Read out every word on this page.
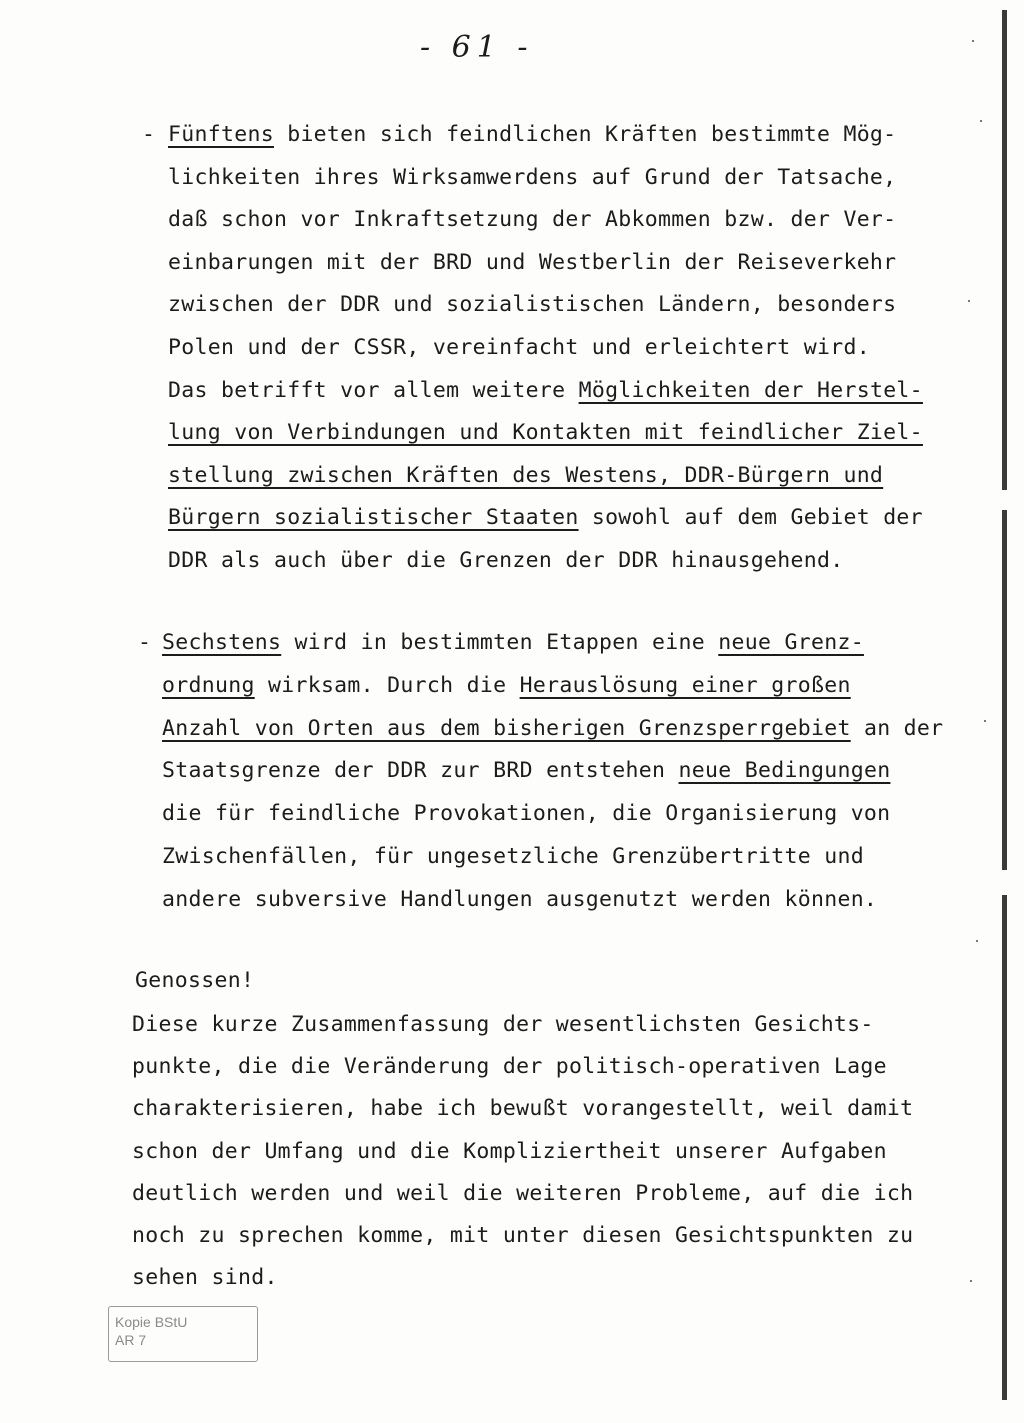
- 61 -
-
-
Fünftens bieten sich feindlichen Kräften bestimmte Mög-
lichkeiten ihres Wirksamwerdens auf Grund der Tatsache,
daß schon vor Inkraftsetzung der Abkommen bzw. der Ver-
einbarungen mit der BRD und Westberlin der Reiseverkehr
zwischen der DDR und sozialistischen Ländern, besonders
Polen und der CSSR, vereinfacht und erleichtert wird.
Das betrifft vor allem weitere Möglichkeiten der Herstel-
lung von Verbindungen und Kontakten mit feindlicher Ziel-
stellung zwischen Kräften des Westens, DDR-Bürgern und
Bürgern sozialistischer Staaten sowohl auf dem Gebiet der
DDR als auch über die Grenzen der DDR hinausgehend.
Sechstens wird in bestimmten Etappen eine neue Grenz-
ordnung wirksam. Durch die Herauslösung einer großen
Anzahl von Orten aus dem bisherigen Grenzsperrgebiet an der
Staatsgrenze der DDR zur BRD entstehen neue Bedingungen
die für feindliche Provokationen, die Organisierung von
Zwischenfällen, für ungesetzliche Grenzübertritte und
andere subversive Handlungen ausgenutzt werden können.
Genossen!
Diese kurze Zusammenfassung der wesentlichsten Gesichts-
punkte, die die Veränderung der politisch-operativen Lage
charakterisieren, habe ich bewußt vorangestellt, weil damit
schon der Umfang und die Kompliziertheit unserer Aufgaben
deutlich werden und weil die weiteren Probleme, auf die ich
noch zu sprechen komme, mit unter diesen Gesichtspunkten zu
sehen sind.
Kopie BStU
AR 7
